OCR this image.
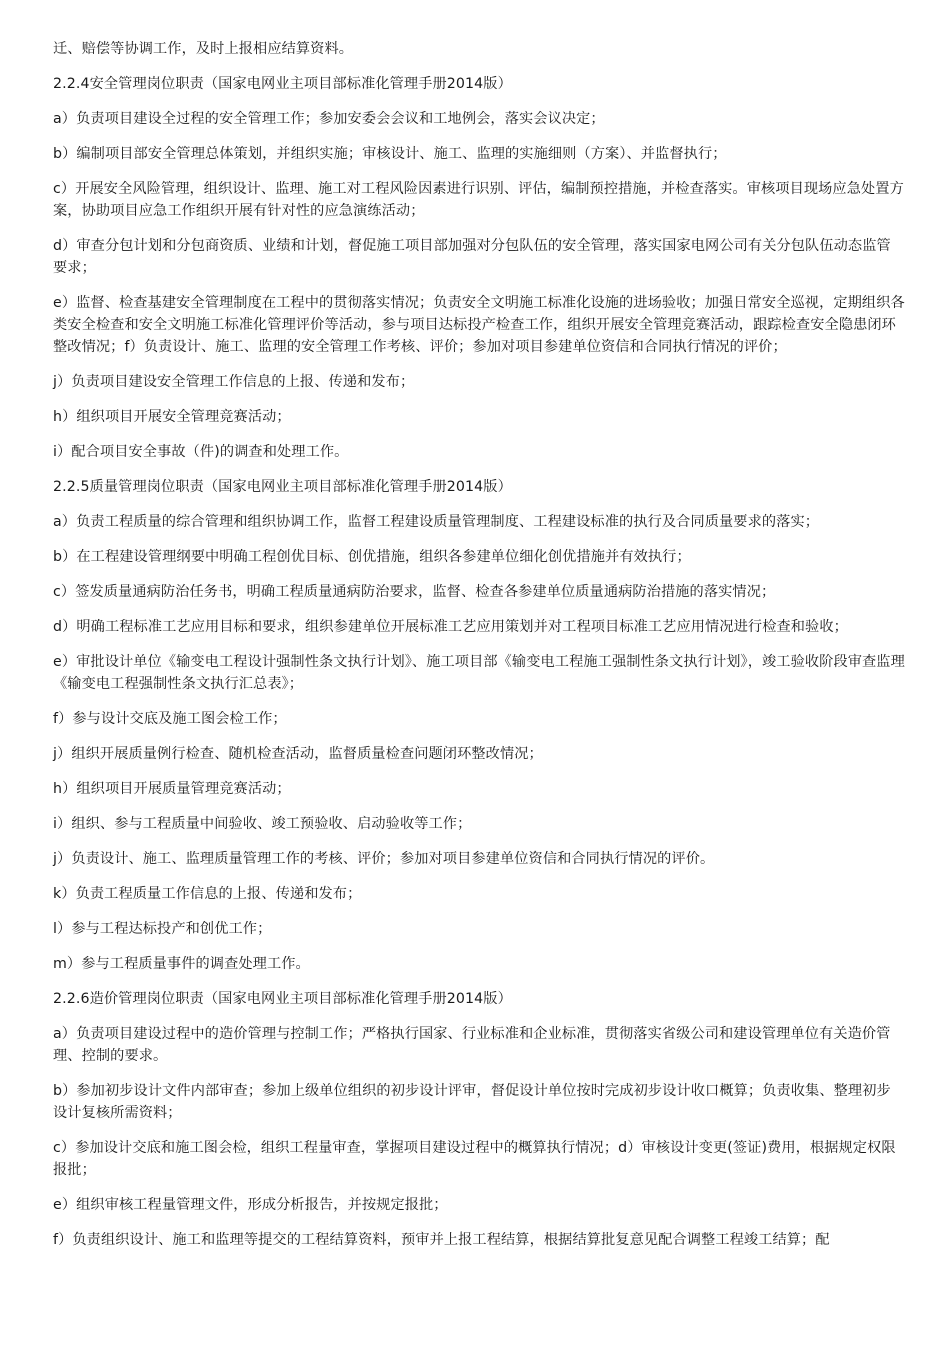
迁、赔偿等协调工作，及时上报相应结算资料。

2.2.4安全管理岗位职责（国家电网业主项目部标准化管理手册2014版）

a）负责项目建设全过程的安全管理工作；参加安委会会议和工地例会，落实会议决定；

b）编制项目部安全管理总体策划，并组织实施；审核设计、施工、监理的实施细则（方案）、并监督执行；

c）开展安全风险管理，组织设计、监理、施工对工程风险因素进行识别、评估，编制预控措施，并检查落实。审核项目现场应急处置方案，协助项目应急工作组织开展有针对性的应急演练活动；

d）审查分包计划和分包商资质、业绩和计划，督促施工项目部加强对分包队伍的安全管理，落实国家电网公司有关分包队伍动态监管要求；

e）监督、检查基建安全管理制度在工程中的贯彻落实情况；负责安全文明施工标准化设施的进场验收；加强日常安全巡视，定期组织各类安全检查和安全文明施工标准化管理评价等活动，参与项目达标投产检查工作，组织开展安全管理竞赛活动，跟踪检查安全隐患闭环整改情况；f）负责设计、施工、监理的安全管理工作考核、评价；参加对项目参建单位资信和合同执行情况的评价；

j）负责项目建设安全管理工作信息的上报、传递和发布；

h）组织项目开展安全管理竞赛活动；

i）配合项目安全事故（件)的调查和处理工作。

2.2.5质量管理岗位职责（国家电网业主项目部标准化管理手册2014版）

a）负责工程质量的综合管理和组织协调工作，监督工程建设质量管理制度、工程建设标准的执行及合同质量要求的落实；

b）在工程建设管理纲要中明确工程创优目标、创优措施，组织各参建单位细化创优措施并有效执行；

c）签发质量通病防治任务书，明确工程质量通病防治要求，监督、检查各参建单位质量通病防治措施的落实情况；

d）明确工程标准工艺应用目标和要求，组织参建单位开展标准工艺应用策划并对工程项目标准工艺应用情况进行检查和验收；

e）审批设计单位《输变电工程设计强制性条文执行计划》、施工项目部《输变电工程施工强制性条文执行计划》，竣工验收阶段审查监理《输变电工程强制性条文执行汇总表》；

f）参与设计交底及施工图会检工作；

j）组织开展质量例行检查、随机检查活动，监督质量检查问题闭环整改情况；

h）组织项目开展质量管理竞赛活动；

i）组织、参与工程质量中间验收、竣工预验收、启动验收等工作；

j）负责设计、施工、监理质量管理工作的考核、评价；参加对项目参建单位资信和合同执行情况的评价。

k）负责工程质量工作信息的上报、传递和发布；

l）参与工程达标投产和创优工作；

m）参与工程质量事件的调查处理工作。

2.2.6造价管理岗位职责（国家电网业主项目部标准化管理手册2014版）

a）负责项目建设过程中的造价管理与控制工作；严格执行国家、行业标准和企业标准，贯彻落实省级公司和建设管理单位有关造价管理、控制的要求。

b）参加初步设计文件内部审查；参加上级单位组织的初步设计评审，督促设计单位按时完成初步设计收口概算；负责收集、整理初步设计复核所需资料；

c）参加设计交底和施工图会检，组织工程量审查，掌握项目建设过程中的概算执行情况；d）审核设计变更(签证)费用，根据规定权限报批；

e）组织审核工程量管理文件，形成分析报告，并按规定报批；

f）负责组织设计、施工和监理等提交的工程结算资料，预审并上报工程结算，根据结算批复意见配合调整工程竣工结算；配
